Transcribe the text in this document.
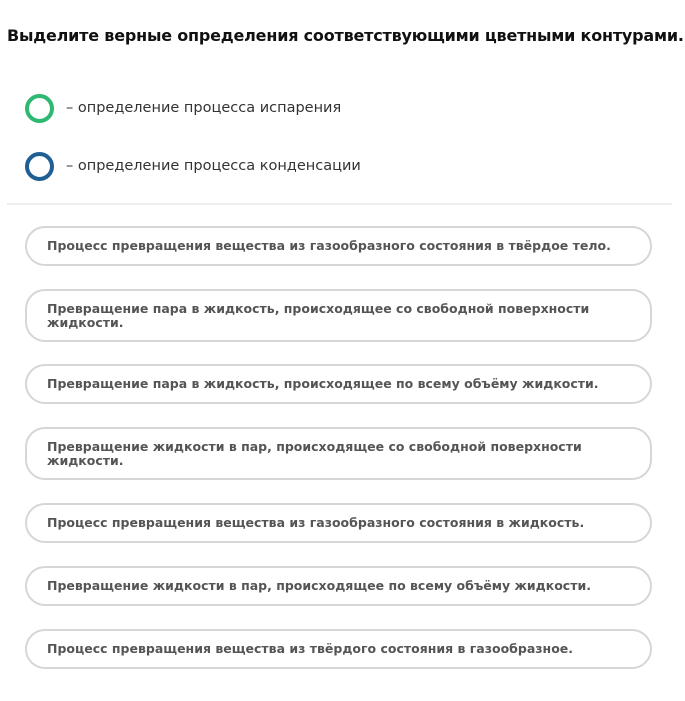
Выделите верные определения соответствующими цветными контурами.
– определение процесса испарения
– определение процесса конденсации
Процесс превращения вещества из газообразного состояния в твёрдое тело.
Превращение пара в жидкость, происходящее со свободной поверхности жидкости.
Превращение пара в жидкость, происходящее по всему объёму жидкости.
Превращение жидкости в пар, происходящее со свободной поверхности жидкости.
Процесс превращения вещества из газообразного состояния в жидкость.
Превращение жидкости в пар, происходящее по всему объёму жидкости.
Процесс превращения вещества из твёрдого состояния в газообразное.
